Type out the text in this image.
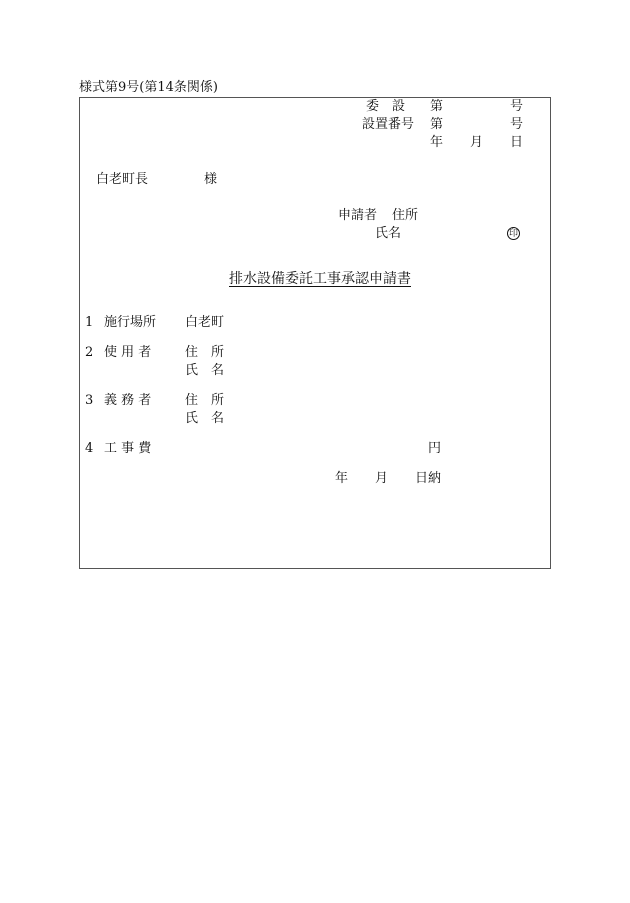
様式第9号(第14条関係)
委　設 第	号
設置番号 第	号
年 月 日
白老町長	様
申請者 住所
氏名	印
排水設備委託工事承認申請書
1 施行場所 白老町
2 使 用 者	住　所
氏　名
3 義 務 者	住　所
氏　名
4 工 事 費	円
年 月 日納
